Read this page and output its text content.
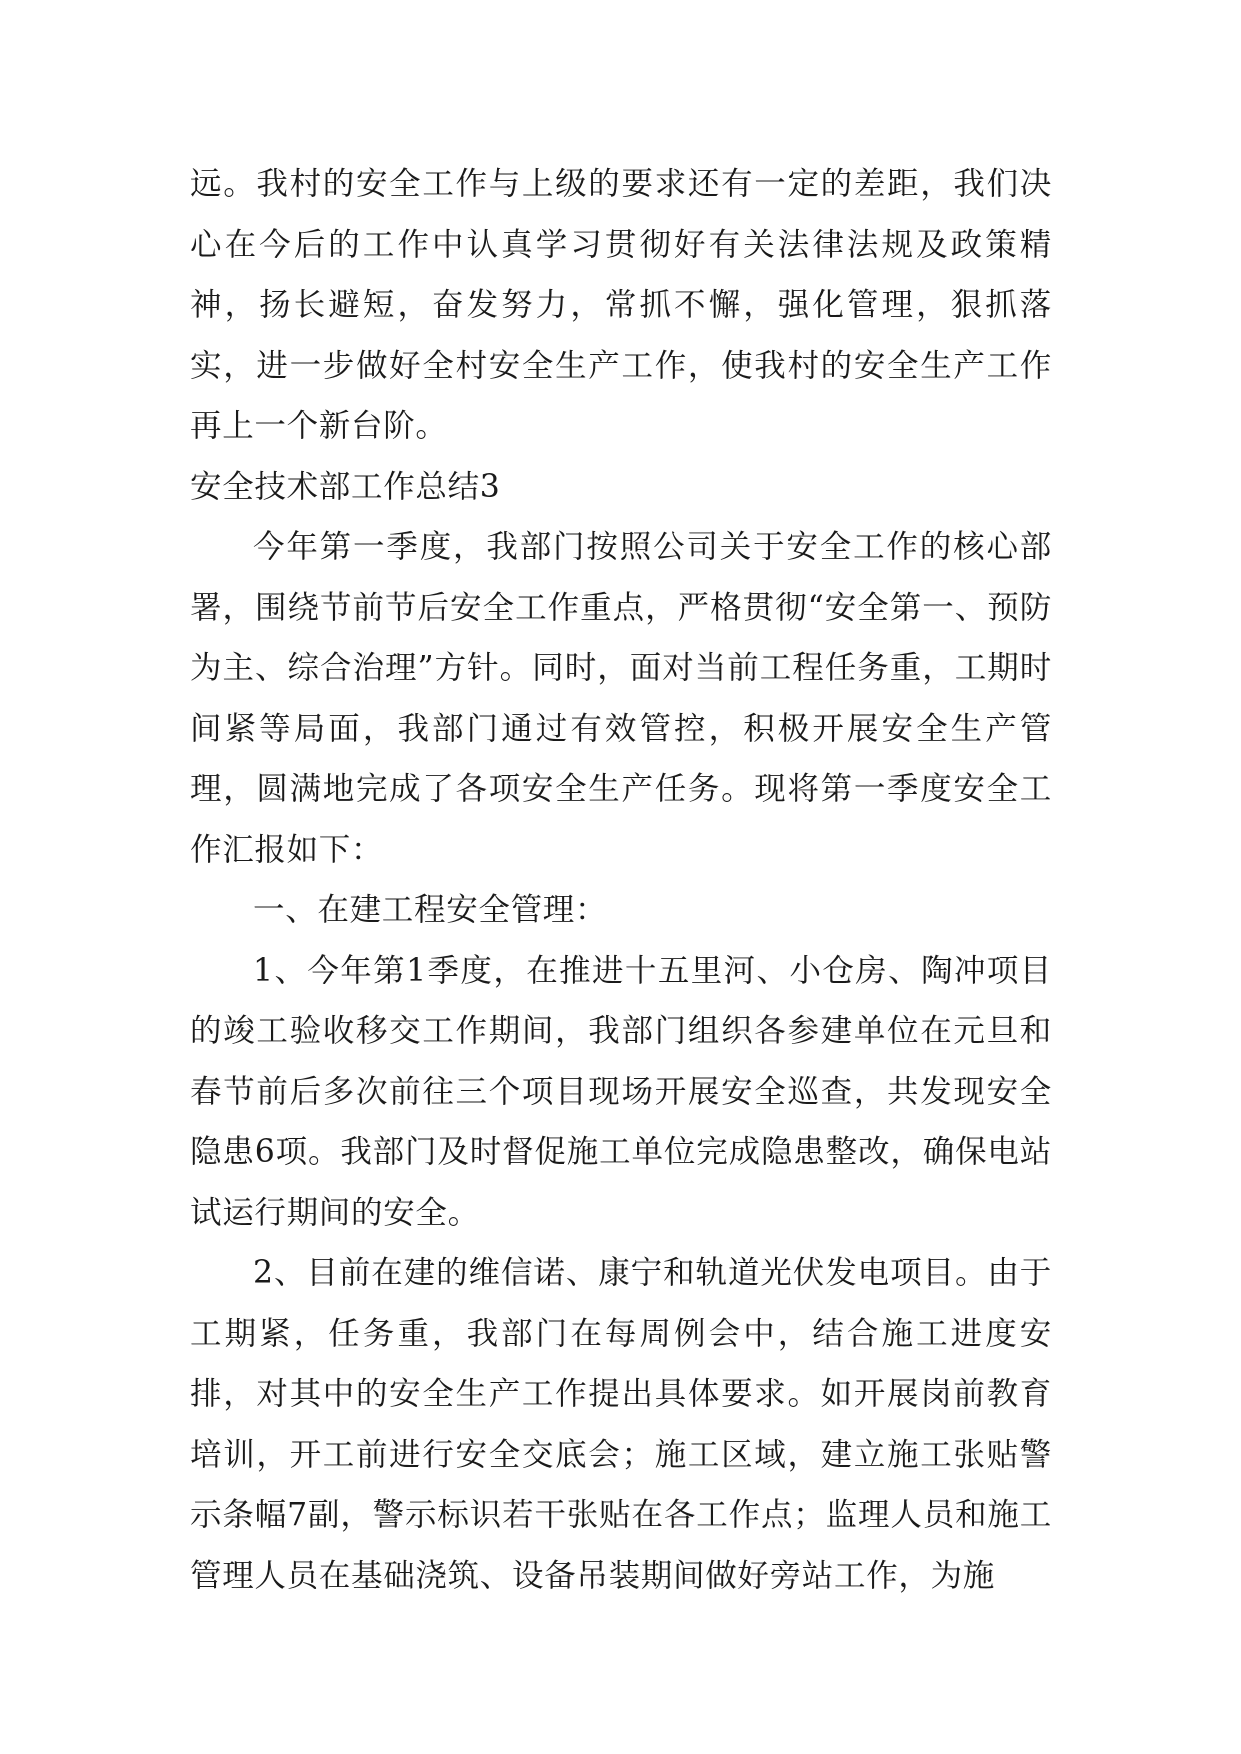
远。我村的安全工作与上级的要求还有一定的差距，我们决心在今后的工作中认真学习贯彻好有关法律法规及政策精神，扬长避短，奋发努力，常抓不懈，强化管理，狠抓落实，进一步做好全村安全生产工作，使我村的安全生产工作再上一个新台阶。

安全技术部工作总结3

今年第一季度，我部门按照公司关于安全工作的核心部署，围绕节前节后安全工作重点，严格贯彻“安全第一、预防为主、综合治理”方针。同时，面对当前工程任务重，工期时间紧等局面，我部门通过有效管控，积极开展安全生产管理，圆满地完成了各项安全生产任务。现将第一季度安全工作汇报如下：

一、在建工程安全管理：

1、今年第1季度，在推进十五里河、小仓房、陶冲项目的竣工验收移交工作期间，我部门组织各参建单位在元旦和春节前后多次前往三个项目现场开展安全巡查，共发现安全隐患6项。我部门及时督促施工单位完成隐患整改，确保电站试运行期间的安全。

2、目前在建的维信诺、康宁和轨道光伏发电项目。由于工期紧，任务重，我部门在每周例会中，结合施工进度安排，对其中的安全生产工作提出具体要求。如开展岗前教育培训，开工前进行安全交底会；施工区域，建立施工张贴警示条幅7副，警示标识若干张贴在各工作点；监理人员和施工管理人员在基础浇筑、设备吊装期间做好旁站工作，为施
